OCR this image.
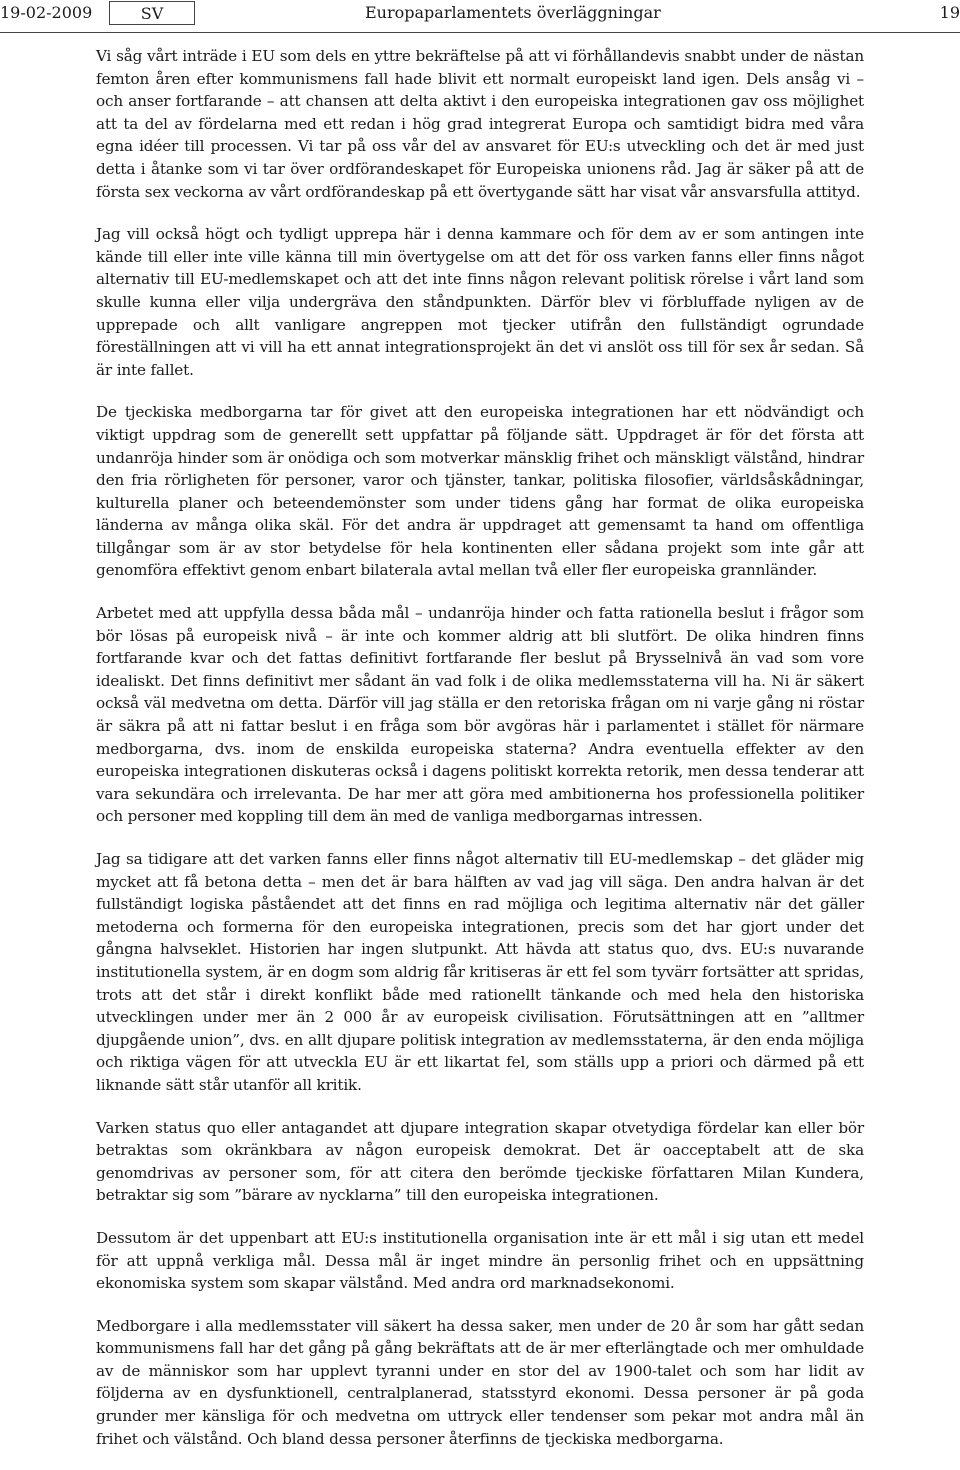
19-02-2009	SV	Europaparlamentets överläggningar	19

Vi såg vårt inträde i EU som dels en yttre bekräftelse på att vi förhållandevis snabbt under de nästan femton åren efter kommunismens fall hade blivit ett normalt europeiskt land igen. Dels ansåg vi – och anser fortfarande – att chansen att delta aktivt i den europeiska integrationen gav oss möjlighet att ta del av fördelarna med ett redan i hög grad integrerat Europa och samtidigt bidra med våra egna idéer till processen. Vi tar på oss vår del av ansvaret för EU:s utveckling och det är med just detta i åtanke som vi tar över ordförandeskapet för Europeiska unionens råd. Jag är säker på att de första sex veckorna av vårt ordförandeskap på ett övertygande sätt har visat vår ansvarsfulla attityd.

Jag vill också högt och tydligt upprepa här i denna kammare och för dem av er som antingen inte kände till eller inte ville känna till min övertygelse om att det för oss varken fanns eller finns något alternativ till EU-medlemskapet och att det inte finns någon relevant politisk rörelse i vårt land som skulle kunna eller vilja undergräva den ståndpunkten. Därför blev vi förbluffade nyligen av de upprepade och allt vanligare angreppen mot tjecker utifrån den fullständigt ogrundade föreställningen att vi vill ha ett annat integrationsprojekt än det vi anslöt oss till för sex år sedan. Så är inte fallet.

De tjeckiska medborgarna tar för givet att den europeiska integrationen har ett nödvändigt och viktigt uppdrag som de generellt sett uppfattar på följande sätt. Uppdraget är för det första att undanröja hinder som är onödiga och som motverkar mänsklig frihet och mänskligt välstånd, hindrar den fria rörligheten för personer, varor och tjänster, tankar, politiska filosofier, världsåskådningar, kulturella planer och beteendemönster som under tidens gång har format de olika europeiska länderna av många olika skäl. För det andra är uppdraget att gemensamt ta hand om offentliga tillgångar som är av stor betydelse för hela kontinenten eller sådana projekt som inte går att genomföra effektivt genom enbart bilaterala avtal mellan två eller fler europeiska grannländer.

Arbetet med att uppfylla dessa båda mål – undanröja hinder och fatta rationella beslut i frågor som bör lösas på europeisk nivå – är inte och kommer aldrig att bli slutfört. De olika hindren finns fortfarande kvar och det fattas definitivt fortfarande fler beslut på Brysselnivå än vad som vore idealiskt. Det finns definitivt mer sådant än vad folk i de olika medlemsstaterna vill ha. Ni är säkert också väl medvetna om detta. Därför vill jag ställa er den retoriska frågan om ni varje gång ni röstar är säkra på att ni fattar beslut i en fråga som bör avgöras här i parlamentet i stället för närmare medborgarna, dvs. inom de enskilda europeiska staterna? Andra eventuella effekter av den europeiska integrationen diskuteras också i dagens politiskt korrekta retorik, men dessa tenderar att vara sekundära och irrelevanta. De har mer att göra med ambitionerna hos professionella politiker och personer med koppling till dem än med de vanliga medborgarnas intressen.

Jag sa tidigare att det varken fanns eller finns något alternativ till EU-medlemskap – det gläder mig mycket att få betona detta – men det är bara hälften av vad jag vill säga. Den andra halvan är det fullständigt logiska påståendet att det finns en rad möjliga och legitima alternativ när det gäller metoderna och formerna för den europeiska integrationen, precis som det har gjort under det gångna halvseklet. Historien har ingen slutpunkt. Att hävda att status quo, dvs. EU:s nuvarande institutionella system, är en dogm som aldrig får kritiseras är ett fel som tyvärr fortsätter att spridas, trots att det står i direkt konflikt både med rationellt tänkande och med hela den historiska utvecklingen under mer än 2 000 år av europeisk civilisation. Förutsättningen att en ”alltmer djupgående union”, dvs. en allt djupare politisk integration av medlemsstaterna, är den enda möjliga och riktiga vägen för att utveckla EU är ett likartat fel, som ställs upp a priori och därmed på ett liknande sätt står utanför all kritik.

Varken status quo eller antagandet att djupare integration skapar otvetydiga fördelar kan eller bör betraktas som okränkbara av någon europeisk demokrat. Det är oacceptabelt att de ska genomdrivas av personer som, för att citera den berömde tjeckiske författaren Milan Kundera, betraktar sig som ”bärare av nycklarna” till den europeiska integrationen.

Dessutom är det uppenbart att EU:s institutionella organisation inte är ett mål i sig utan ett medel för att uppnå verkliga mål. Dessa mål är inget mindre än personlig frihet och en uppsättning ekonomiska system som skapar välstånd. Med andra ord marknadsekonomi.

Medborgare i alla medlemsstater vill säkert ha dessa saker, men under de 20 år som har gått sedan kommunismens fall har det gång på gång bekräftats att de är mer efterlängtade och mer omhuldade av de människor som har upplevt tyranni under en stor del av 1900-talet och som har lidit av följderna av en dysfunktionell, centralplanerad, statsstyrd ekonomi. Dessa personer är på goda grunder mer känsliga för och medvetna om uttryck eller tendenser som pekar mot andra mål än frihet och välstånd. Och bland dessa personer återfinns de tjeckiska medborgarna.
